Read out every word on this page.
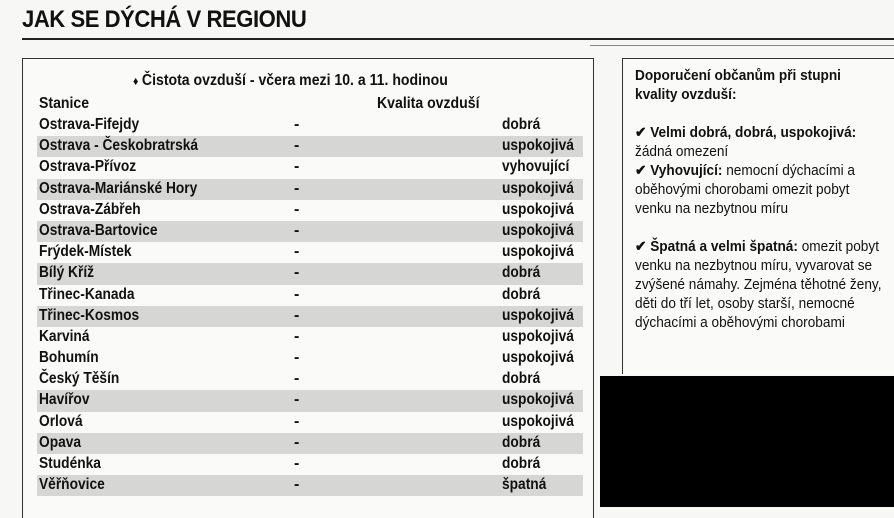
JAK SE DÝCHÁ V REGIONU
♦ Čistota ovzduší - včera mezi 10. a 11. hodinou
Stanice	Kvalita ovzduší
Ostrava-Fifejdy	-	dobrá
Ostrava - Českobratrská	-	uspokojivá
Ostrava-Přívoz	-	vyhovující
Ostrava-Mariánské Hory	-	uspokojivá
Ostrava-Zábřeh	-	uspokojivá
Ostrava-Bartovice	-	uspokojivá
Frýdek-Místek	-	uspokojivá
Bílý Kříž	-	dobrá
Třinec-Kanada	-	dobrá
Třinec-Kosmos	-	uspokojivá
Karviná	-	uspokojivá
Bohumín	-	uspokojivá
Český Těšín	-	dobrá
Havířov	-	uspokojivá
Orlová	-	uspokojivá
Opava	-	dobrá
Studénka	-	dobrá
Věřňovice	-	špatná
Doporučení občanům při stupni kvality ovzduší:
✔ Velmi dobrá, dobrá, uspokojivá: žádná omezení
✔ Vyhovující: nemocní dýchacími a oběhovými chorobami omezit pobyt venku na nezbytnou míru
✔ Špatná a velmi špatná: omezit pobyt venku na nezbytnou míru, vyvarovat se zvýšené námahy. Zejména těhotné ženy, děti do tří let, osoby starší, nemocné dýchacími a oběhovými chorobami
